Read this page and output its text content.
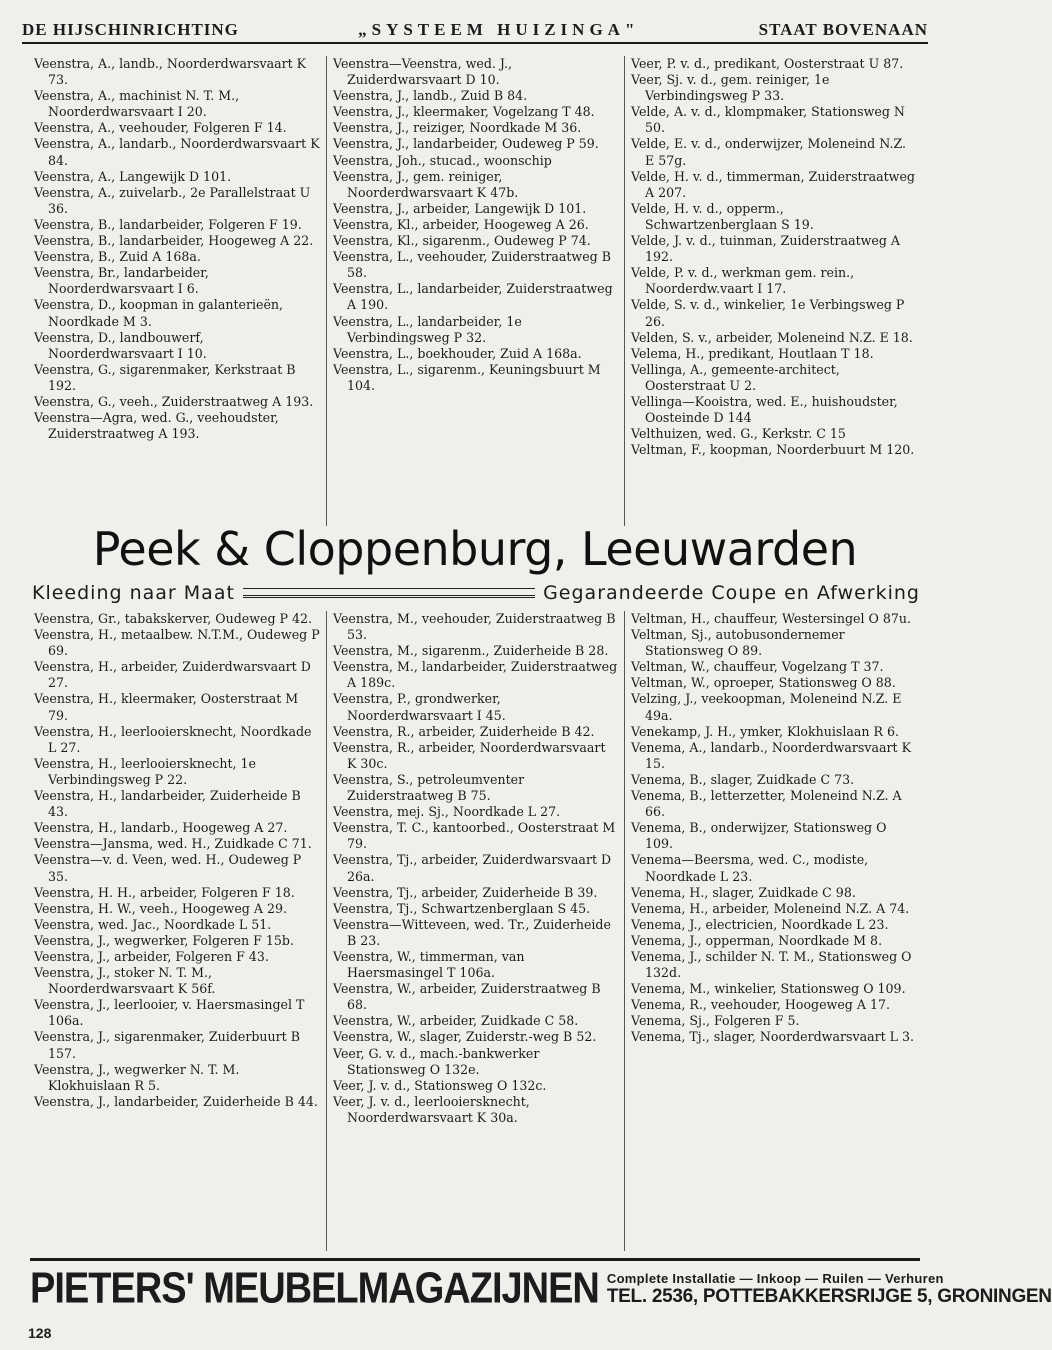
DE HIJSCHINRICHTING	„SYSTEEM HUIZINGA"	STAAT BOVENAAN

Veenstra, A., landb., Noorderdwarsvaart K 73.

Veenstra, A., machinist N. T. M., Noorderdwarsvaart I 20.

Veenstra, A., veehouder, Folgeren F 14.

Veenstra, A., landarb., Noorderdwarsvaart K 84.

Veenstra, A., Langewijk D 101.

Veenstra, A., zuivelarb., 2e Parallelstraat U 36.

Veenstra, B., landarbeider, Folgeren F 19.

Veenstra, B., landarbeider, Hoogeweg A 22.

Veenstra, B., Zuid A 168a.

Veenstra, Br., landarbeider, Noorderdwarsvaart I 6.

Veenstra, D., koopman in galanterieën, Noordkade M 3.

Veenstra, D., landbouwerf, Noorderdwarsvaart I 10.

Veenstra, G., sigarenmaker, Kerkstraat B 192.

Veenstra, G., veeh., Zuiderstraatweg A 193.

Veenstra—Agra, wed. G., veehoudster, Zuiderstraatweg A 193.

Veenstra—Veenstra, wed. J., Zuiderdwarsvaart D 10.

Veenstra, J., landb., Zuid B 84.

Veenstra, J., kleermaker, Vogelzang T 48.

Veenstra, J., reiziger, Noordkade M 36.

Veenstra, J., landarbeider, Oudeweg P 59.

Veenstra, Joh., stucad., woonschip

Veenstra, J., gem. reiniger, Noorderdwarsvaart K 47b.

Veenstra, J., arbeider, Langewijk D 101.

Veenstra, Kl., arbeider, Hoogeweg A 26.

Veenstra, Kl., sigarenm., Oudeweg P 74.

Veenstra, L., veehouder, Zuiderstraatweg B 58.

Veenstra, L., landarbeider, Zuiderstraatweg A 190.

Veenstra, L., landarbeider, 1e Verbindingsweg P 32.

Veenstra, L., boekhouder, Zuid A 168a.

Veenstra, L., sigarenm., Keuningsbuurt M 104.

Veer, P. v. d., predikant, Oosterstraat U 87.

Veer, Sj. v. d., gem. reiniger, 1e Verbindingsweg P 33.

Velde, A. v. d., klompmaker, Stationsweg N 50.

Velde, E. v. d., onderwijzer, Moleneind N.Z. E 57g.

Velde, H. v. d., timmerman, Zuiderstraatweg A 207.

Velde, H. v. d., opperm., Schwartzenberglaan S 19.

Velde, J. v. d., tuinman, Zuiderstraatweg A 192.

Velde, P. v. d., werkman gem. rein., Noorderdw.vaart I 17.

Velde, S. v. d., winkelier, 1e Verbingsweg P 26.

Velden, S. v., arbeider, Moleneind N.Z. E 18.

Velema, H., predikant, Houtlaan T 18.

Vellinga, A., gemeente-architect, Oosterstraat U 2.

Vellinga—Kooistra, wed. E., huishoudster, Oosteinde D 144

Velthuizen, wed. G., Kerkstr. C 15

Veltman, F., koopman, Noorderbuurt M 120.

Peek & Cloppenburg, Leeuwarden
Kleeding naar Maat	Gegarandeerde Coupe en Afwerking

Veenstra, Gr., tabakskerver, Oudeweg P 42.

Veenstra, H., metaalbew. N.T.M., Oudeweg P 69.

Veenstra, H., arbeider, Zuiderdwarsvaart D 27.

Veenstra, H., kleermaker, Oosterstraat M 79.

Veenstra, H., leerlooiersknecht, Noordkade L 27.

Veenstra, H., leerlooiersknecht, 1e Verbindingsweg P 22.

Veenstra, H., landarbeider, Zuiderheide B 43.

Veenstra, H., landarb., Hoogeweg A 27.

Veenstra—Jansma, wed. H., Zuidkade C 71.

Veenstra—v. d. Veen, wed. H., Oudeweg P 35.

Veenstra, H. H., arbeider, Folgeren F 18.

Veenstra, H. W., veeh., Hoogeweg A 29.

Veenstra, wed. Jac., Noordkade L 51.

Veenstra, J., wegwerker, Folgeren F 15b.

Veenstra, J., arbeider, Folgeren F 43.

Veenstra, J., stoker N. T. M., Noorderdwarsvaart K 56f.

Veenstra, J., leerlooier, v. Haersmasingel T 106a.

Veenstra, J., sigarenmaker, Zuiderbuurt B 157.

Veenstra, J., wegwerker N. T. M. Klokhuislaan R 5.

Veenstra, J., landarbeider, Zuiderheide B 44.

Veenstra, M., veehouder, Zuiderstraatweg B 53.

Veenstra, M., sigarenm., Zuiderheide B 28.

Veenstra, M., landarbeider, Zuiderstraatweg A 189c.

Veenstra, P., grondwerker, Noorderdwarsvaart I 45.

Veenstra, R., arbeider, Zuiderheide B 42.

Veenstra, R., arbeider, Noorderdwarsvaart K 30c.

Veenstra, S., petroleumventer Zuiderstraatweg B 75.

Veenstra, mej. Sj., Noordkade L 27.

Veenstra, T. C., kantoorbed., Oosterstraat M 79.

Veenstra, Tj., arbeider, Zuiderdwarsvaart D 26a.

Veenstra, Tj., arbeider, Zuiderheide B 39.

Veenstra, Tj., Schwartzenberglaan S 45.

Veenstra—Witteveen, wed. Tr., Zuiderheide B 23.

Veenstra, W., timmerman, van Haersmasingel T 106a.

Veenstra, W., arbeider, Zuiderstraatweg B 68.

Veenstra, W., arbeider, Zuidkade C 58.

Veenstra, W., slager, Zuiderstr.-weg B 52.

Veer, G. v. d., mach.-bankwerker Stationsweg O 132e.

Veer, J. v. d., Stationsweg O 132c.

Veer, J. v. d., leerlooiersknecht, Noorderdwarsvaart K 30a.

Veltman, H., chauffeur, Westersingel O 87u.

Veltman, Sj., autobusondernemer Stationsweg O 89.

Veltman, W., chauffeur, Vogelzang T 37.

Veltman, W., oproeper, Stationsweg O 88.

Velzing, J., veekoopman, Moleneind N.Z. E 49a.

Venekamp, J. H., ymker, Klokhuislaan R 6.

Venema, A., landarb., Noorderdwarsvaart K 15.

Venema, B., slager, Zuidkade C 73.

Venema, B., letterzetter, Moleneind N.Z. A 66.

Venema, B., onderwijzer, Stationsweg O 109.

Venema—Beersma, wed. C., modiste, Noordkade L 23.

Venema, H., slager, Zuidkade C 98.

Venema, H., arbeider, Moleneind N.Z. A 74.

Venema, J., electricien, Noordkade L 23.

Venema, J., opperman, Noordkade M 8.

Venema, J., schilder N. T. M., Stationsweg O 132d.

Venema, M., winkelier, Stationsweg O 109.

Venema, R., veehouder, Hoogeweg A 17.

Venema, Sj., Folgeren F 5.

Venema, Tj., slager, Noorderdwarsvaart L 3.

PIETERS' MEUBELMAGAZIJNEN Complete Installatie — Inkoop — Ruilen — Verhuren
TEL. 2536, POTTEBAKKERSRIJGE 5, GRONINGEN
128
